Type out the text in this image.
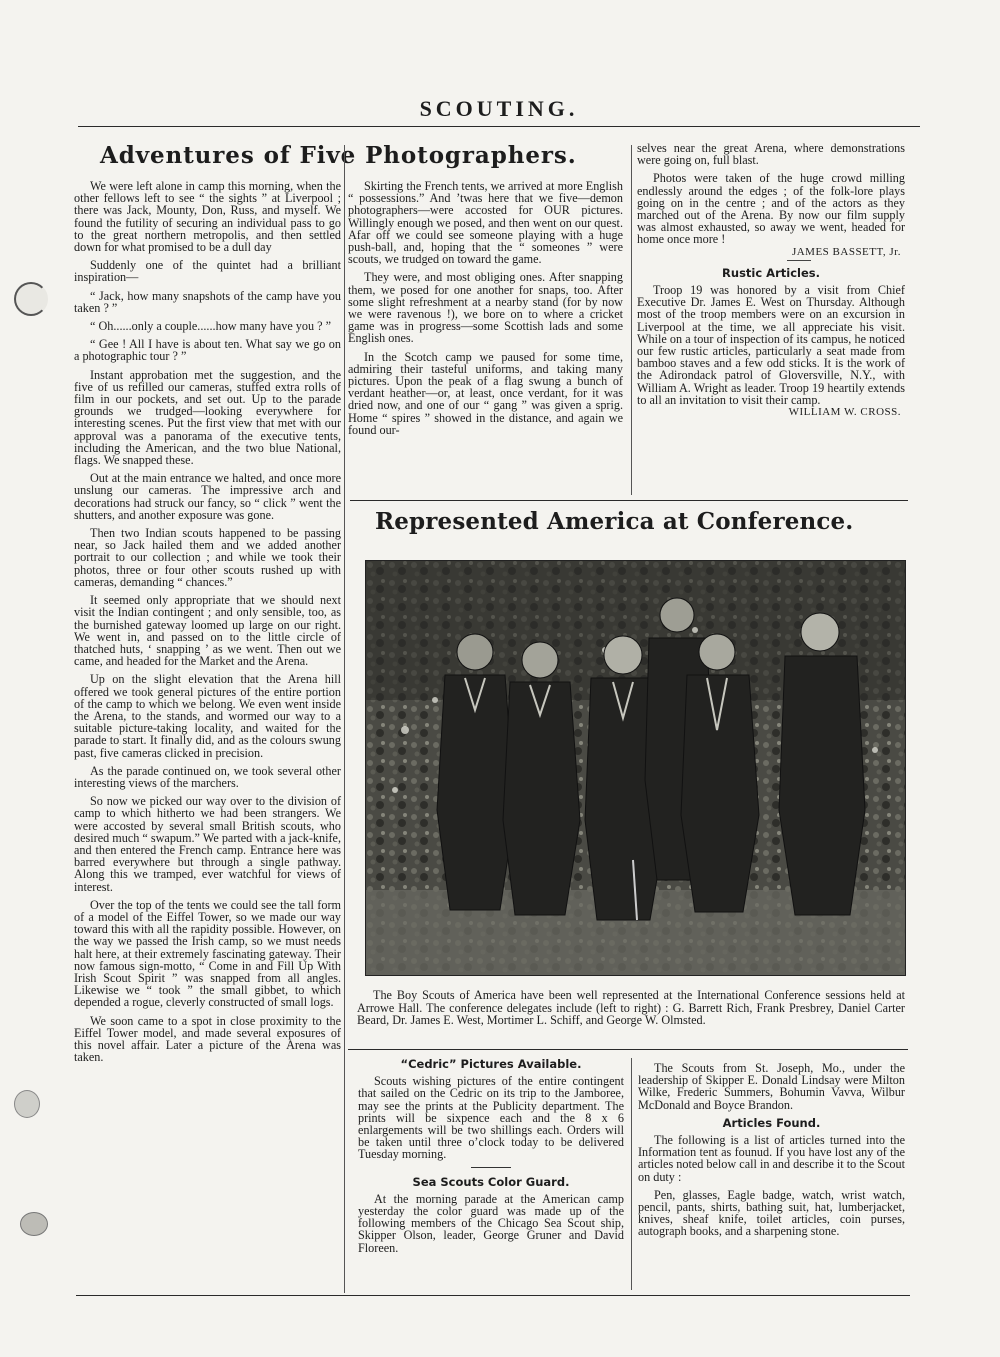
SCOUTING.
Adventures of Five Photographers.

We were left alone in camp this morning, when the other fellows left to see “ the sights ” at Liverpool ; there was Jack, Mounty, Don, Russ, and myself. We found the futility of securing an individual pass to go to the great northern metropolis, and then settled down for what promised to be a dull day

Suddenly one of the quintet had a brilliant inspiration—

“ Jack, how many snapshots of the camp have you taken ? ”

“ Oh......only a couple......how many have you ? ”

“ Gee ! All I have is about ten. What say we go on a photographic tour ? ”

Instant approbation met the suggestion, and the five of us refilled our cameras, stuffed extra rolls of film in our pockets, and set out. Up to the parade grounds we trudged—looking everywhere for interesting scenes. Put the first view that met with our approval was a panorama of the executive tents, including the American, and the two blue National, flags. We snapped these.

Out at the main entrance we halted, and once more unslung our cameras. The impressive arch and decorations had struck our fancy, so “ click ” went the shutters, and another exposure was gone.

Then two Indian scouts happened to be passing near, so Jack hailed them and we added another portrait to our collection ; and while we took their photos, three or four other scouts rushed up with cameras, demanding “ chances.”

It seemed only appropriate that we should next visit the Indian contingent ; and only sensible, too, as the burnished gateway loomed up large on our right. We went in, and passed on to the little circle of thatched huts, ‘ snapping ’ as we went. Then out we came, and headed for the Market and the Arena.

Up on the slight elevation that the Arena hill offered we took general pictures of the entire portion of the camp to which we belong. We even went inside the Arena, to the stands, and wormed our way to a suitable picture-taking locality, and waited for the parade to start. It finally did, and as the colours swung past, five cameras clicked in precision.

As the parade continued on, we took several other interesting views of the marchers.

So now we picked our way over to the division of camp to which hitherto we had been strangers. We were accosted by several small British scouts, who desired much “ swapum.” We parted with a jack-knife, and then entered the French camp. Entrance here was barred everywhere but through a single pathway. Along this we tramped, ever watchful for views of interest.

Over the top of the tents we could see the tall form of a model of the Eiffel Tower, so we made our way toward this with all the rapidity possible. However, on the way we passed the Irish camp, so we must needs halt here, at their extremely fascinating gateway. Their now famous sign-motto, “ Come in and Fill Up With Irish Scout Spirit ” was snapped from all angles. Likewise we “ took ” the small gibbet, to which depended a rogue, cleverly constructed of small logs.

We soon came to a spot in close proximity to the Eiffel Tower model, and made several exposures of this novel affair. Later a picture of the Arena was taken.

Skirting the French tents, we arrived at more English “ possessions.” And ’twas here that we five—demon photographers—were accosted for OUR pictures. Willingly enough we posed, and then went on our quest. Afar off we could see someone playing with a huge push-ball, and, hoping that the “ someones ” were scouts, we trudged on toward the game.

They were, and most obliging ones. After snapping them, we posed for one another for snaps, too. After some slight refreshment at a nearby stand (for by now we were ravenous !), we bore on to where a cricket game was in progress—some Scottish lads and some English ones.

In the Scotch camp we paused for some time, admiring their tasteful uniforms, and taking many pictures. Upon the peak of a flag swung a bunch of verdant heather—or, at least, once verdant, for it was dried now, and one of our “ gang ” was given a sprig. Home “ spires ” showed in the distance, and again we found our-

selves near the great Arena, where demonstrations were going on, full blast.

Photos were taken of the huge crowd milling endlessly around the edges ; of the folk-lore plays going on in the centre ; and of the actors as they marched out of the Arena. By now our film supply was almost exhausted, so away we went, headed for home once more !

JAMES BASSETT, Jr.
Rustic Articles.

Troop 19 was honored by a visit from Chief Executive Dr. James E. West on Thursday. Although most of the troop members were on an excursion in Liverpool at the time, we all appreciate his visit. While on a tour of inspection of its campus, he noticed our few rustic articles, particularly a seat made from bamboo staves and a few odd sticks. It is the work of the Adirondack patrol of Gloversville, N.Y., with William A. Wright as leader. Troop 19 heartily extends to all an invitation to visit their camp.

WILLIAM W. CROSS.
Represented America at Conference.
The Boy Scouts of America have been well represented at the International Conference sessions held at Arrowe Hall. The conference delegates include (left to right) : G. Barrett Rich, Frank Presbrey, Daniel Carter Beard, Dr. James E. West, Mortimer L. Schiff, and George W. Olmsted.
“Cedric” Pictures Available.

Scouts wishing pictures of the entire contingent that sailed on the Cedric on its trip to the Jamboree, may see the prints at the Publicity department. The prints will be sixpence each and the 8 x 6 enlargements will be two shillings each. Orders will be taken until three o’clock today to be delivered Tuesday morning.

Sea Scouts Color Guard.

At the morning parade at the American camp yesterday the color guard was made up of the following members of the Chicago Sea Scout ship, Skipper Olson, leader, George Gruner and David Floreen.

The Scouts from St. Joseph, Mo., under the leadership of Skipper E. Donald Lindsay were Milton Wilke, Frederic Summers, Bohumin Vavva, Wilbur McDonald and Boyce Brandon.

Articles Found.

The following is a list of articles turned into the Information tent as founud. If you have lost any of the articles noted below call in and describe it to the Scout on duty :

Pen, glasses, Eagle badge, watch, wrist watch, pencil, pants, shirts, bathing suit, hat, lumberjacket, knives, sheaf knife, toilet articles, coin purses, autograph books, and a sharpening stone.
